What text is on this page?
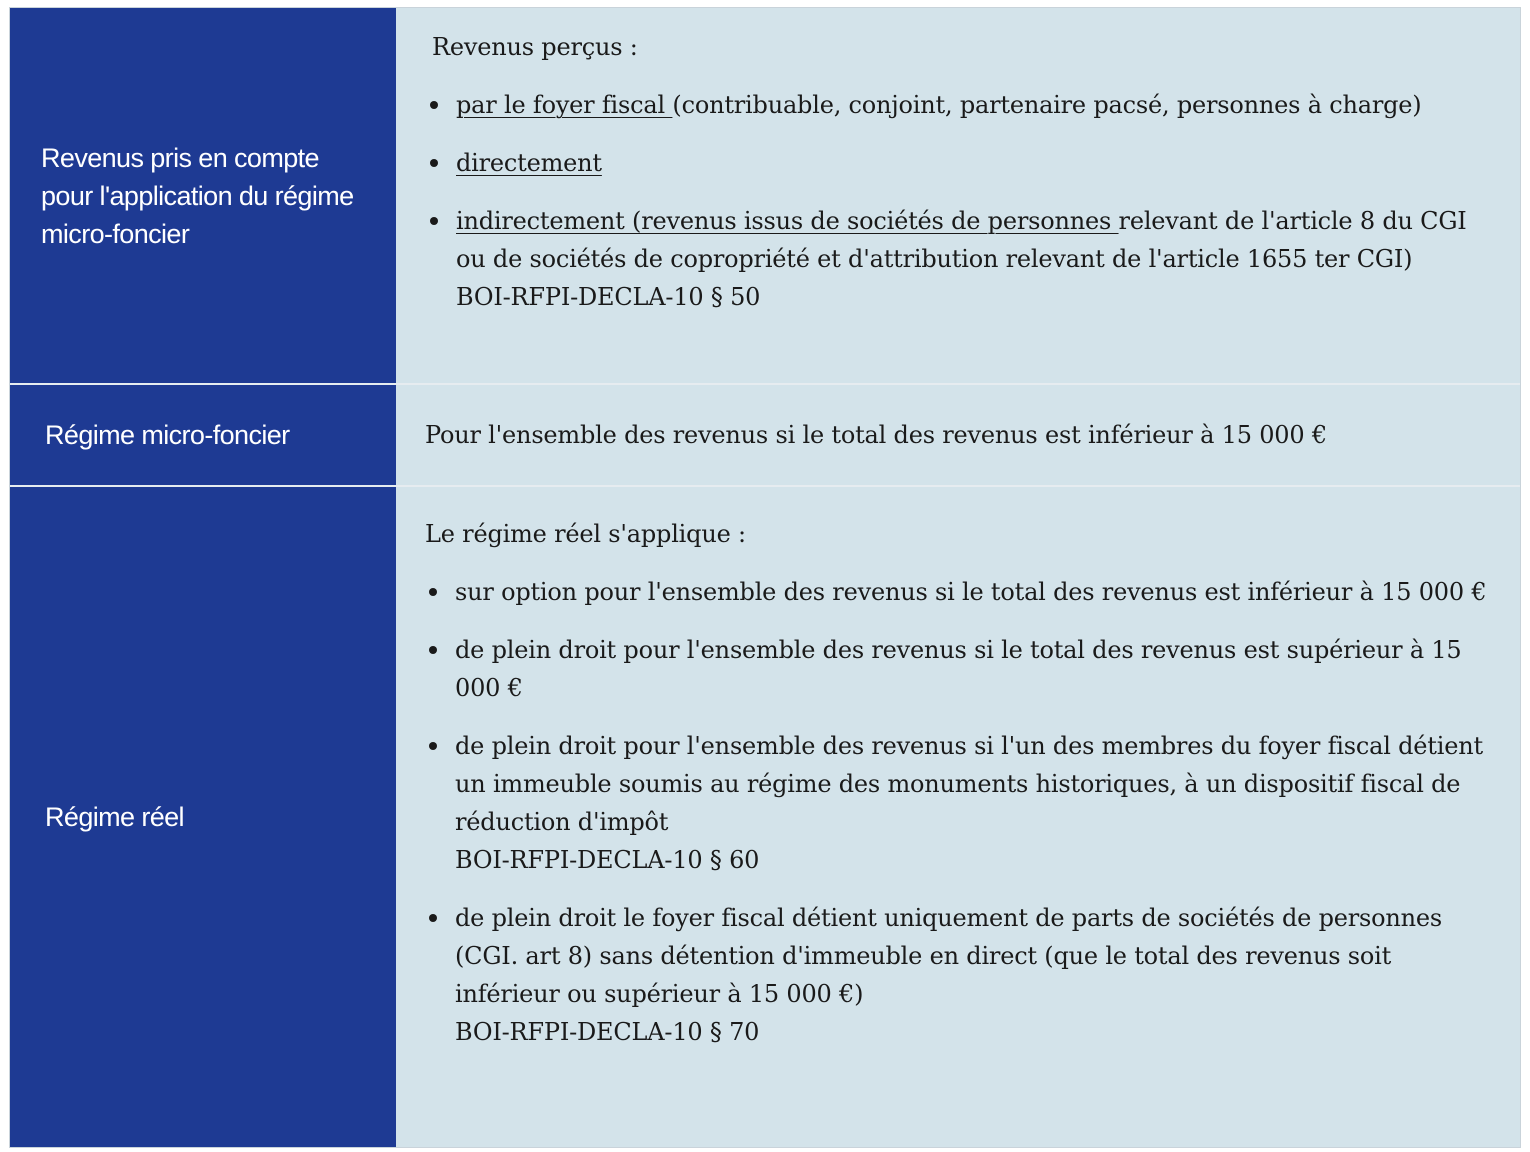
Revenus pris en compte pour l'application du régime micro-foncier

Revenus perçus :

par le foyer fiscal (contribuable, conjoint, partenaire pacsé, personnes à charge)
directement
indirectement (revenus issus de sociétés de personnes relevant de l'article 8 du CGI ou de sociétés de copropriété et d'attribution relevant de l'article 1655 ter CGI)
BOI-RFPI-DECLA-10 § 50
Régime micro-foncier	Pour l'ensemble des revenus si le total des revenus est inférieur à 15 000 €
Régime réel

Le régime réel s'applique :

sur option pour l'ensemble des revenus si le total des revenus est inférieur à 15 000 €
de plein droit pour l'ensemble des revenus si le total des revenus est supérieur à 15 000 €
de plein droit pour l'ensemble des revenus si l'un des membres du foyer fiscal détient un immeuble soumis au régime des monuments historiques, à un dispositif fiscal de réduction d'impôt
BOI-RFPI-DECLA-10 § 60
de plein droit le foyer fiscal détient uniquement de parts de sociétés de personnes (CGI. art 8) sans détention d'immeuble en direct (que le total des revenus soit inférieur ou supérieur à 15 000 €)
BOI-RFPI-DECLA-10 § 70
